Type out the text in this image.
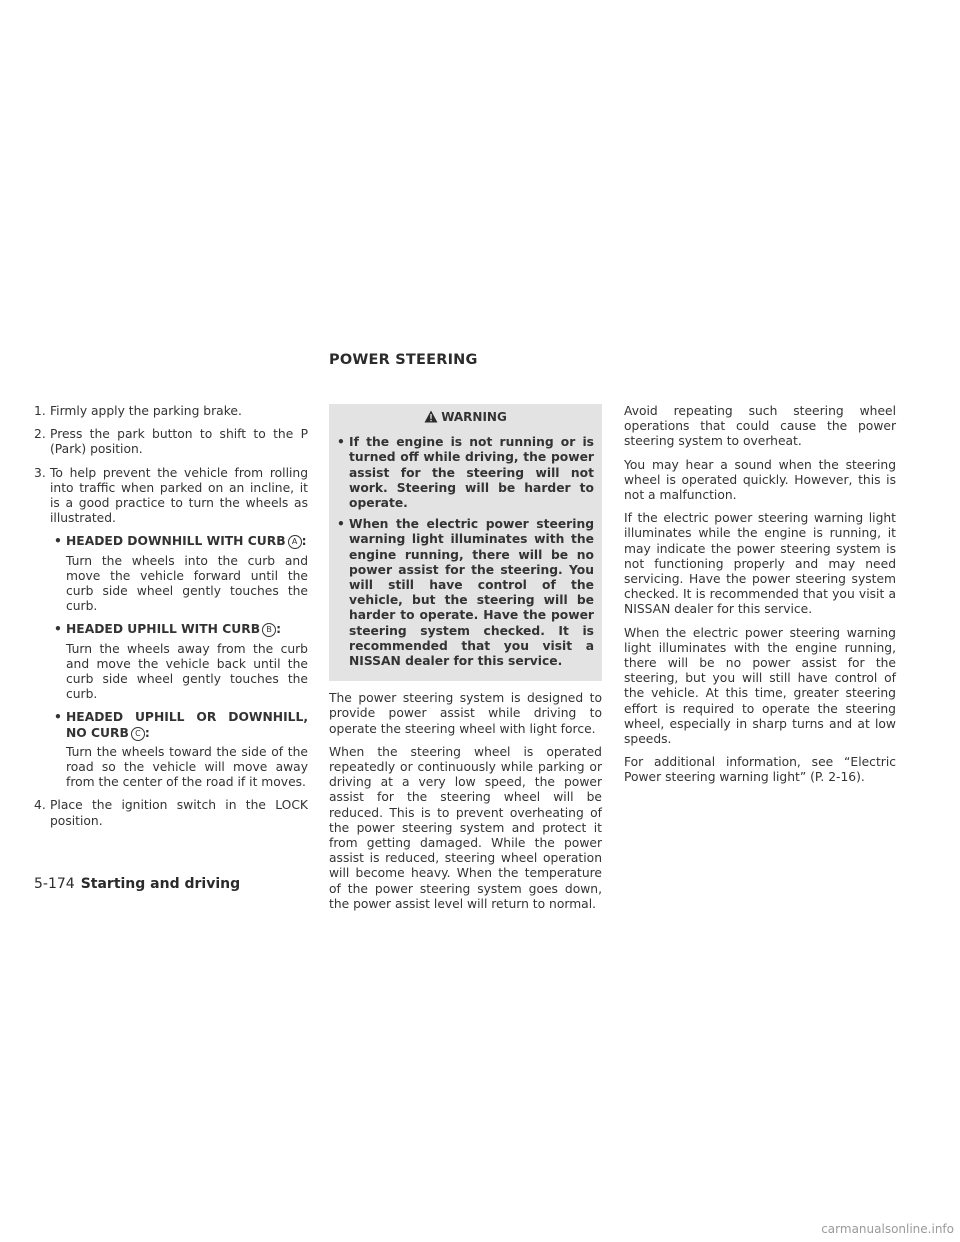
POWER STEERING
1. Firmly apply the parking brake.
2. Press the park button to shift to the P (Park) position.
3. To help prevent the vehicle from rolling into traffic when parked on an incline, it is a good practice to turn the wheels as illustrated.
• HEADED DOWNHILL WITH CURB A :
Turn the wheels into the curb and move the vehicle forward until the curb side wheel gently touches the curb.
• HEADED UPHILL WITH CURB B :
Turn the wheels away from the curb and move the vehicle back until the curb side wheel gently touches the curb.
• HEADED UPHILL OR DOWNHILL, NO CURB C :
Turn the wheels toward the side of the road so the vehicle will move away from the center of the road if it moves.
4. Place the ignition switch in the LOCK position.
WARNING
• If the engine is not running or is turned off while driving, the power assist for the steering will not work. Steering will be harder to operate.
• When the electric power steering warning light illuminates with the engine running, there will be no power assist for the steering. You will still have control of the vehicle, but the steering will be harder to operate. Have the power steering system checked. It is recommended that you visit a NISSAN dealer for this service.

The power steering system is designed to provide power assist while driving to operate the steering wheel with light force.

When the steering wheel is operated repeatedly or continuously while parking or driving at a very low speed, the power assist for the steering wheel will be reduced. This is to prevent overheating of the power steering system and protect it from getting damaged. While the power assist is reduced, steering wheel operation will become heavy. When the temperature of the power steering system goes down, the power assist level will return to normal.

Avoid repeating such steering wheel operations that could cause the power steering system to overheat.

You may hear a sound when the steering wheel is operated quickly. However, this is not a malfunction.

If the electric power steering warning light illuminates while the engine is running, it may indicate the power steering system is not functioning properly and may need servicing. Have the power steering system checked. It is recommended that you visit a NISSAN dealer for this service.

When the electric power steering warning light illuminates with the engine running, there will be no power assist for the steering, but you will still have control of the vehicle. At this time, greater steering effort is required to operate the steering wheel, especially in sharp turns and at low speeds.

For additional information, see “Electric Power steering warning light” (P. 2-16).

5-174 Starting and driving
carmanualsonline.info
